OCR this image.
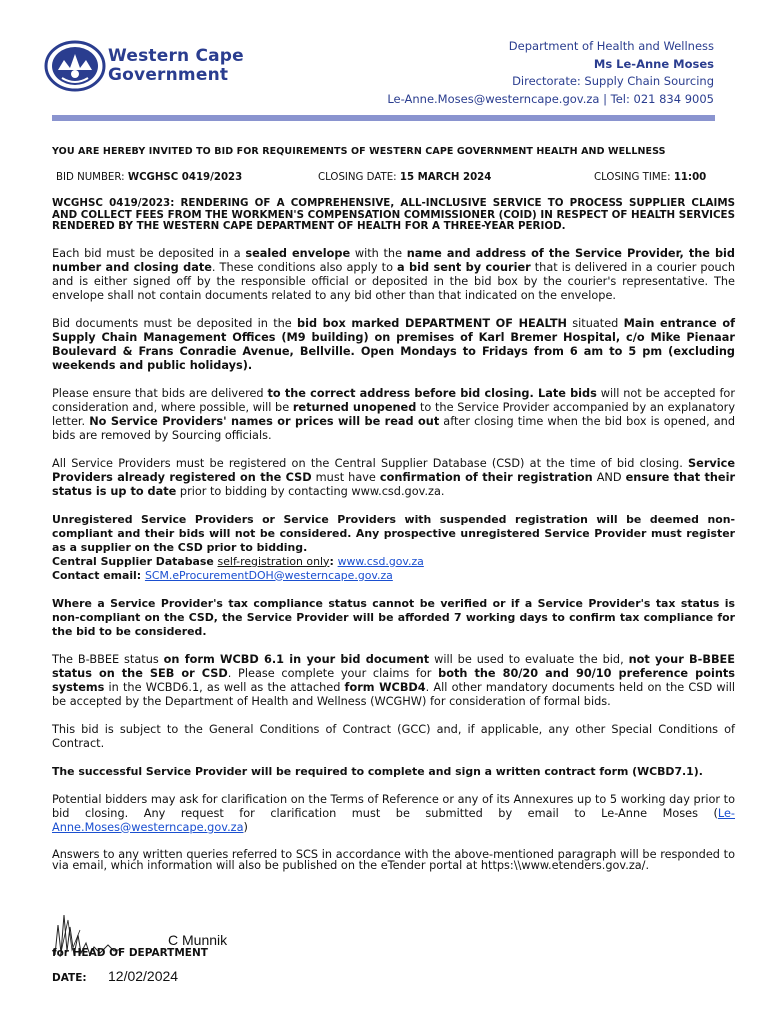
Western Cape
Government
Department of Health and Wellness
Ms Le-Anne Moses
Directorate: Supply Chain Sourcing
Le-Anne.Moses@westerncape.gov.za | Tel: 021 834 9005
YOU ARE HEREBY INVITED TO BID FOR REQUIREMENTS OF WESTERN CAPE GOVERNMENT HEALTH AND WELLNESS
BID NUMBER: WCGHSC 0419/2023	CLOSING DATE: 15 MARCH 2024	CLOSING TIME: 11:00
WCGHSC 0419/2023: RENDERING OF A COMPREHENSIVE, ALL-INCLUSIVE SERVICE TO PROCESS SUPPLIER CLAIMS AND COLLECT FEES FROM THE WORKMEN'S COMPENSATION COMMISSIONER (COID) IN RESPECT OF HEALTH SERVICES RENDERED BY THE WESTERN CAPE DEPARTMENT OF HEALTH FOR A THREE-YEAR PERIOD.

Each bid must be deposited in a sealed envelope with the name and address of the Service Provider, the bid number and closing date. These conditions also apply to a bid sent by courier that is delivered in a courier pouch and is either signed off by the responsible official or deposited in the bid box by the courier's representative. The envelope shall not contain documents related to any bid other than that indicated on the envelope.

Bid documents must be deposited in the bid box marked DEPARTMENT OF HEALTH situated Main entrance of Supply Chain Management Offices (M9 building) on premises of Karl Bremer Hospital, c/o Mike Pienaar Boulevard & Frans Conradie Avenue, Bellville. Open Mondays to Fridays from 6 am to 5 pm (excluding weekends and public holidays).

Please ensure that bids are delivered to the correct address before bid closing. Late bids will not be accepted for consideration and, where possible, will be returned unopened to the Service Provider accompanied by an explanatory letter. No Service Providers' names or prices will be read out after closing time when the bid box is opened, and bids are removed by Sourcing officials.

All Service Providers must be registered on the Central Supplier Database (CSD) at the time of bid closing. Service Providers already registered on the CSD must have confirmation of their registration AND ensure that their status is up to date prior to bidding by contacting www.csd.gov.za.

Unregistered Service Providers or Service Providers with suspended registration will be deemed non-compliant and their bids will not be considered. Any prospective unregistered Service Provider must register as a supplier on the CSD prior to bidding.

Central Supplier Database self-registration only: www.csd.gov.za
Contact email: SCM.eProcurementDOH@westerncape.gov.za

Where a Service Provider's tax compliance status cannot be verified or if a Service Provider's tax status is non-compliant on the CSD, the Service Provider will be afforded 7 working days to confirm tax compliance for the bid to be considered.

The B-BBEE status on form WCBD 6.1 in your bid document will be used to evaluate the bid, not your B-BBEE status on the SEB or CSD. Please complete your claims for both the 80/20 and 90/10 preference points systems in the WCBD6.1, as well as the attached form WCBD4. All other mandatory documents held on the CSD will be accepted by the Department of Health and Wellness (WCGHW) for consideration of formal bids.

This bid is subject to the General Conditions of Contract (GCC) and, if applicable, any other Special Conditions of Contract.

The successful Service Provider will be required to complete and sign a written contract form (WCBD7.1).

Potential bidders may ask for clarification on the Terms of Reference or any of its Annexures up to 5 working day prior to bid closing. Any request for clarification must be submitted by email to Le-Anne Moses (Le-Anne.Moses@westerncape.gov.za)

Answers to any written queries referred to SCS in accordance with the above-mentioned paragraph will be responded to via email, which information will also be published on the eTender portal at https:\\www.etenders.gov.za/.

C Munnik
for HEAD OF DEPARTMENT
DATE: 12/02/2024
